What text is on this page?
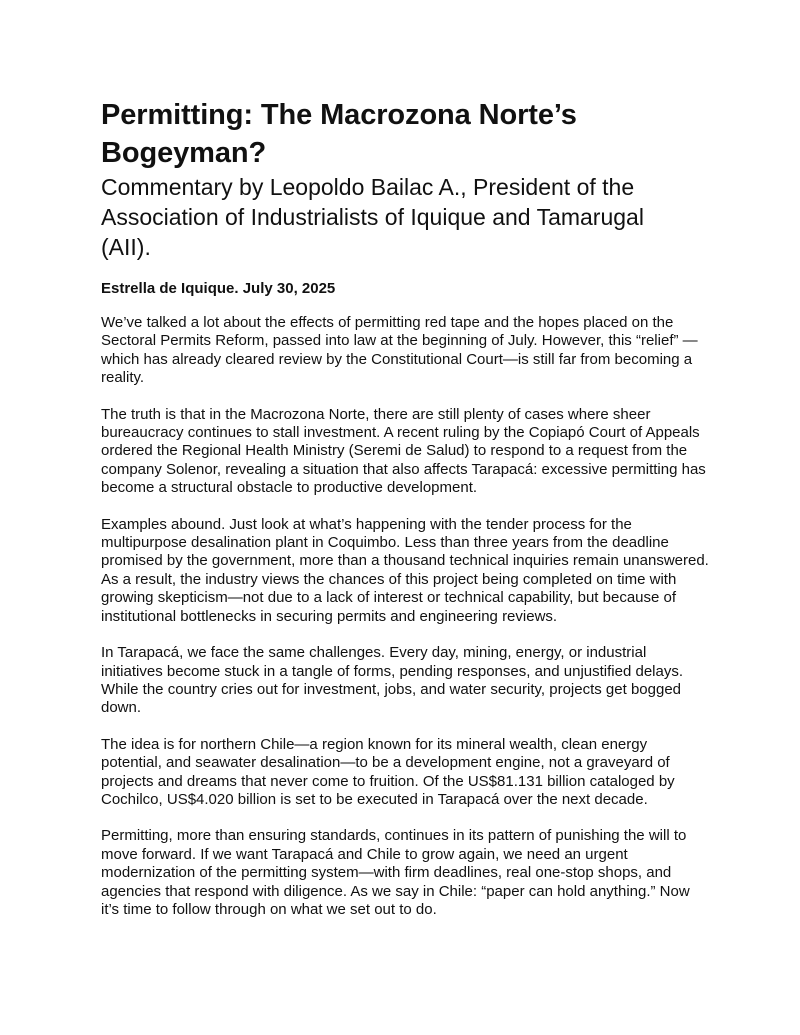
Permitting: The Macrozona Norte’s Bogeyman?
Commentary by Leopoldo Bailac A., President of the Association of Industrialists of Iquique and Tamarugal (AII).

Estrella de Iquique. July 30, 2025

We’ve talked a lot about the effects of permitting red tape and the hopes placed on the Sectoral Permits Reform, passed into law at the beginning of July. However, this “relief” —which has already cleared review by the Constitutional Court—is still far from becoming a reality.

The truth is that in the Macrozona Norte, there are still plenty of cases where sheer bureaucracy continues to stall investment. A recent ruling by the Copiapó Court of Appeals ordered the Regional Health Ministry (Seremi de Salud) to respond to a request from the company Solenor, revealing a situation that also affects Tarapacá: excessive permitting has become a structural obstacle to productive development.

Examples abound. Just look at what’s happening with the tender process for the multipurpose desalination plant in Coquimbo. Less than three years from the deadline promised by the government, more than a thousand technical inquiries remain unanswered. As a result, the industry views the chances of this project being completed on time with growing skepticism—not due to a lack of interest or technical capability, but because of institutional bottlenecks in securing permits and engineering reviews.

In Tarapacá, we face the same challenges. Every day, mining, energy, or industrial initiatives become stuck in a tangle of forms, pending responses, and unjustified delays. While the country cries out for investment, jobs, and water security, projects get bogged down.

The idea is for northern Chile—a region known for its mineral wealth, clean energy potential, and seawater desalination—to be a development engine, not a graveyard of projects and dreams that never come to fruition. Of the US$81.131 billion cataloged by Cochilco, US$4.020 billion is set to be executed in Tarapacá over the next decade.

Permitting, more than ensuring standards, continues in its pattern of punishing the will to move forward. If we want Tarapacá and Chile to grow again, we need an urgent modernization of the permitting system—with firm deadlines, real one-stop shops, and agencies that respond with diligence. As we say in Chile: “paper can hold anything.” Now it’s time to follow through on what we set out to do.
